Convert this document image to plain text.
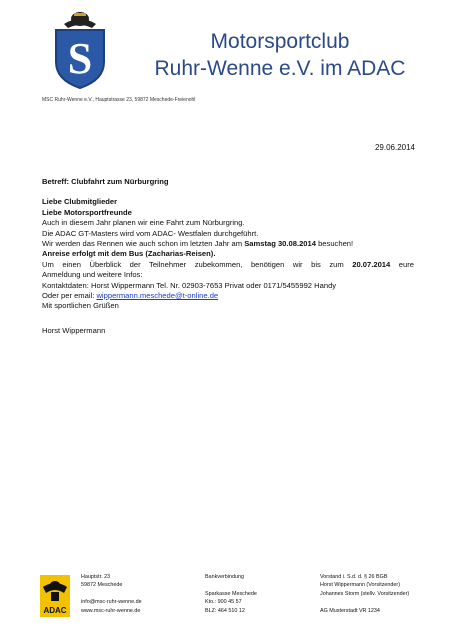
S	Motorsportclub
Ruhr-Wenne e.V. im ADAC
MSC Ruhr-Wenne e.V., Hauptstrasse 23, 59872 Meschede-Freienohl
29.06.2014

Betreff: Clubfahrt zum Nürburgring

Liebe Clubmitglieder

Liebe Motorsportfreunde

Auch in diesem Jahr planen wir eine Fahrt zum Nürburgring.

Die ADAC GT-Masters wird vom ADAC- Westfalen durchgeführt.

Wir werden das Rennen wie auch schon im letzten Jahr am Samstag 30.08.2014 besuchen!

Anreise erfolgt mit dem Bus (Zacharias-Reisen).

Um einen Überblick der Teilnehmer zubekommen, benötigen wir bis zum 20.07.2014 eure

Anmeldung und weitere Infos:

Kontaktdaten: Horst Wippermann Tel. Nr. 02903-7653 Privat oder 0171/5455992 Handy

Oder per email: wippermann.meschede@t-online.de

Mit sportlichen Grüßen

Horst Wippermann

ADAC
Hauptstr. 23
59872 Meschede

info@msc-ruhr-wenne.de
www.msc-ruhr-wenne.de
Bankverbindung

Sparkasse Meschede
Kto.: 900 45 57
BLZ: 464 510 12
Vorstand i. S.d. d. § 26 BGB
Horst Wippermann (Vorsitzender)
Johannes Storm (stellv. Vorsitzender)

AG Musterstadt VR 1234
